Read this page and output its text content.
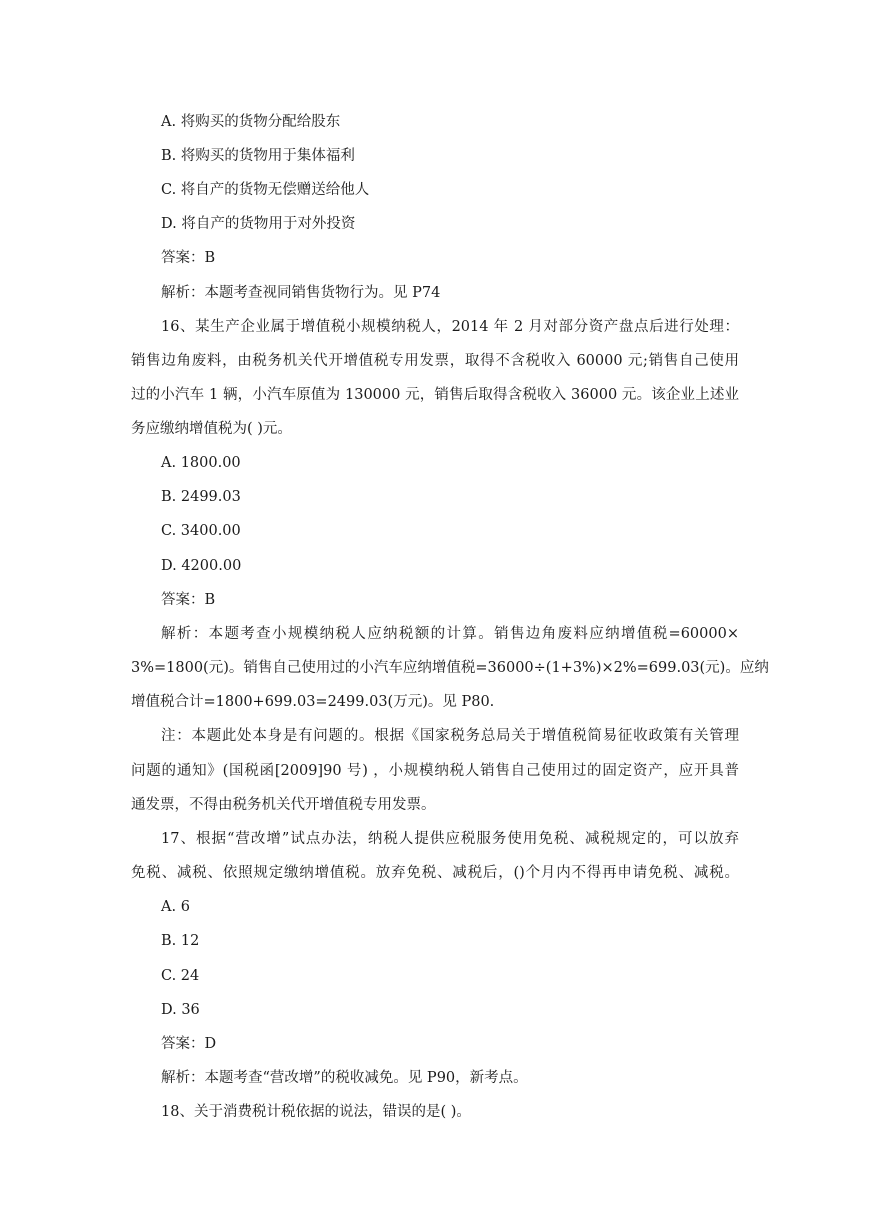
A. 将购买的货物分配给股东
B. 将购买的货物用于集体福利
C. 将自产的货物无偿赠送给他人
D. 将自产的货物用于对外投资
答案：B
解析：本题考查视同销售货物行为。见 P74
16、某生产企业属于增值税小规模纳税人，2014 年 2 月对部分资产盘点后进行处理：
销售边角废料，由税务机关代开增值税专用发票，取得不含税收入 60000 元;销售自己使用
过的小汽车 1 辆，小汽车原值为 130000 元，销售后取得含税收入 36000 元。该企业上述业
务应缴纳增值税为( )元。
A. 1800.00
B. 2499.03
C. 3400.00
D. 4200.00
答案：B
解析：本题考查小规模纳税人应纳税额的计算。销售边角废料应纳增值税=60000×
3%=1800(元)。销售自己使用过的小汽车应纳增值税=36000÷(1+3%)×2%=699.03(元)。应纳
增值税合计=1800+699.03=2499.03(万元)。见 P80.
注：本题此处本身是有问题的。根据《国家税务总局关于增值税简易征收政策有关管理
问题的通知》(国税函[2009]90 号) ，小规模纳税人销售自己使用过的固定资产，应开具普
通发票，不得由税务机关代开增值税专用发票。
17、根据“营改增”试点办法，纳税人提供应税服务使用免税、减税规定的，可以放弃
免税、减税、依照规定缴纳增值税。放弃免税、减税后，()个月内不得再申请免税、减税。
A. 6
B. 12
C. 24
D. 36
答案：D
解析：本题考查“营改增”的税收减免。见 P90，新考点。
18、关于消费税计税依据的说法，错误的是( )。
